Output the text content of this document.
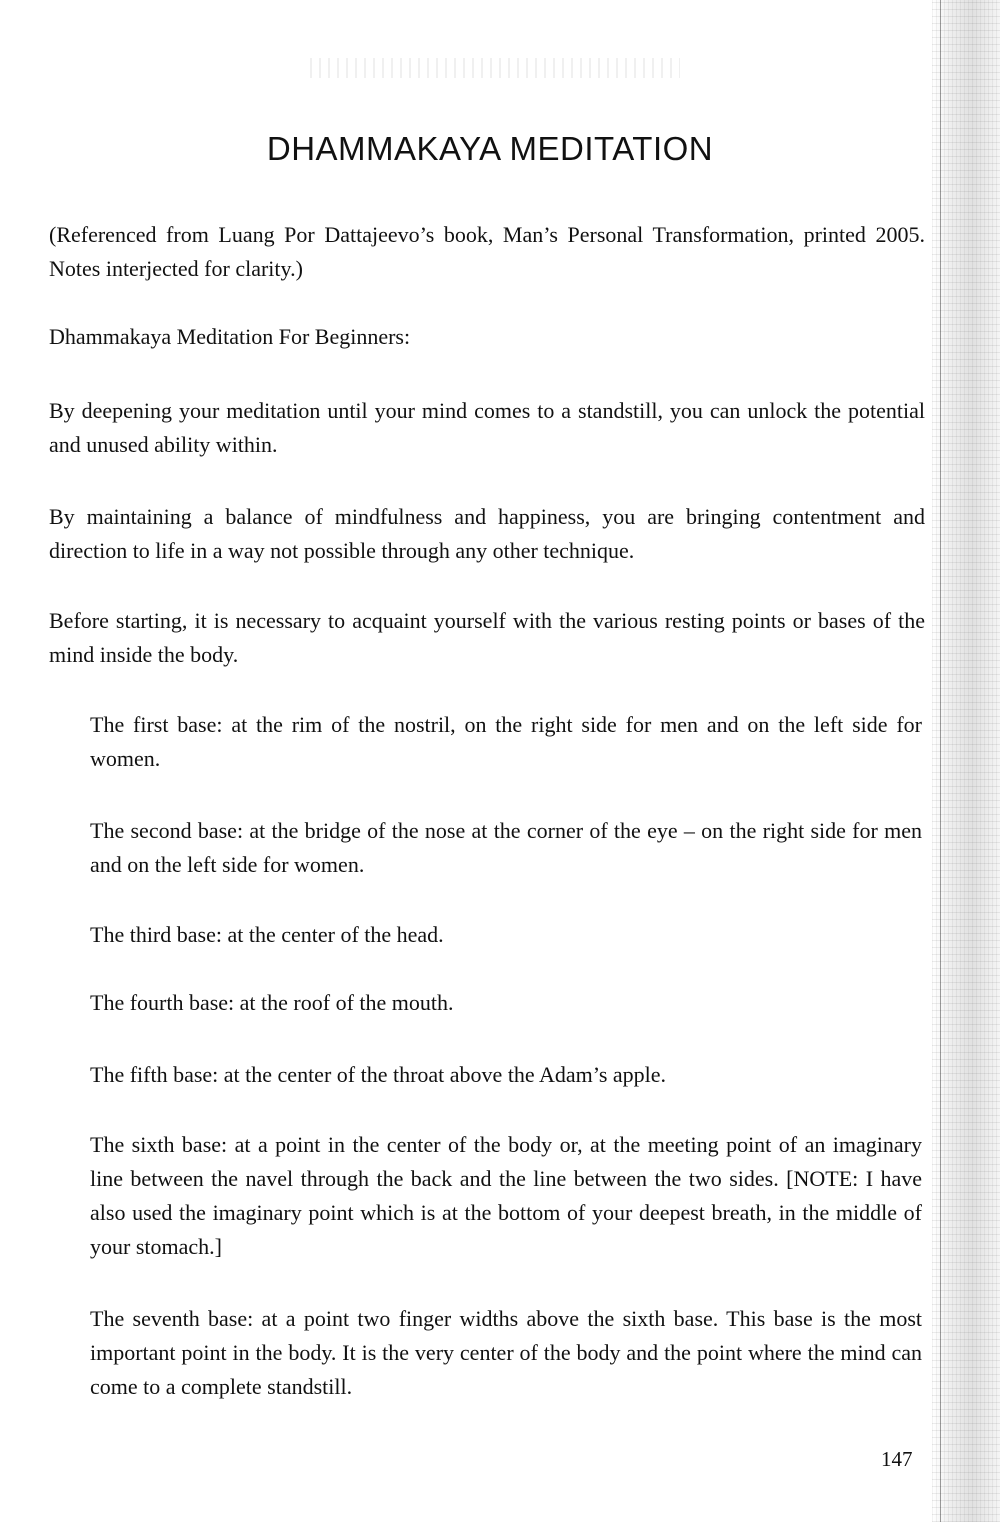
DHAMMAKAYA MEDITATION

(Referenced from Luang Por Dattajeevo’s book, Man’s Personal Transformation, printed 2005. Notes interjected for clarity.)

Dhammakaya Meditation For Beginners:

By deepening your meditation until your mind comes to a standstill, you can unlock the potential and unused ability within.

By maintaining a balance of mindfulness and happiness, you are bringing contentment and direction to life in a way not possible through any other technique.

Before starting, it is necessary to acquaint yourself with the various resting points or bases of the mind inside the body.

The first base: at the rim of the nostril, on the right side for men and on the left side for women.

The second base: at the bridge of the nose at the corner of the eye – on the right side for men and on the left side for women.

The third base: at the center of the head.

The fourth base: at the roof of the mouth.

The fifth base: at the center of the throat above the Adam’s apple.

The sixth base: at a point in the center of the body or, at the meeting point of an imaginary line between the navel through the back and the line between the two sides. [NOTE: I have also used the imaginary point which is at the bottom of your deepest breath, in the middle of your stomach.]

The seventh base: at a point two finger widths above the sixth base. This base is the most important point in the body. It is the very center of the body and the point where the mind can come to a complete standstill.

147
